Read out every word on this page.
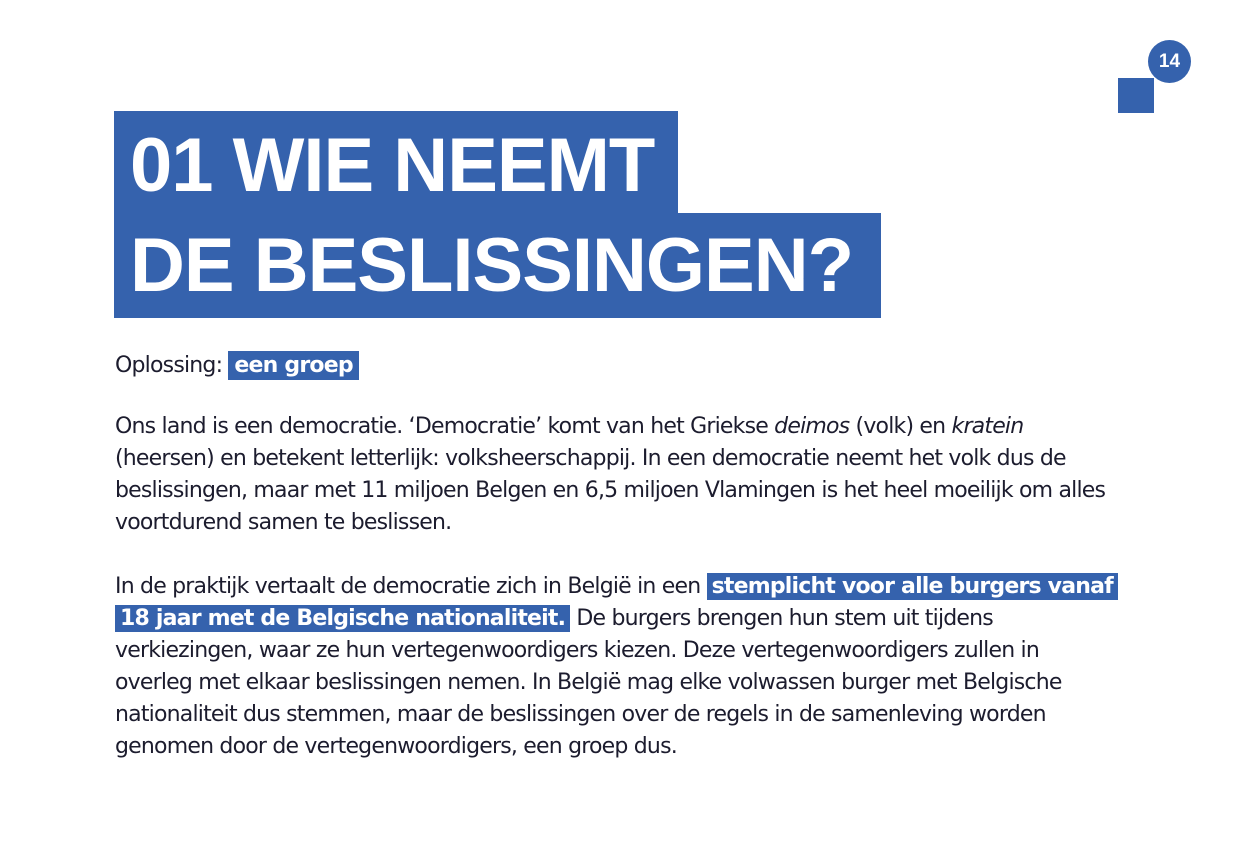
14
01 WIE NEEMT
DE BESLISSINGEN?
Oplossing: een groep

Ons land is een democratie. ‘Democratie’ komt van het Griekse deimos (volk) en kratein (heersen) en betekent letterlijk: volksheerschappij. In een democratie neemt het volk dus de beslissingen, maar met 11 miljoen Belgen en 6,5 miljoen Vlamingen is het heel moeilijk om alles voortdurend samen te beslissen.

In de praktijk vertaalt de democratie zich in België in een stemplicht voor alle burgers vanaf 18 jaar met de Belgische nationaliteit. De burgers brengen hun stem uit tijdens verkiezingen, waar ze hun vertegenwoordigers kiezen. Deze vertegenwoordigers zullen in overleg met elkaar beslissingen nemen. In België mag elke volwassen burger met Belgische nationaliteit dus stemmen, maar de beslissingen over de regels in de samenleving worden genomen door de vertegenwoordigers, een groep dus.
